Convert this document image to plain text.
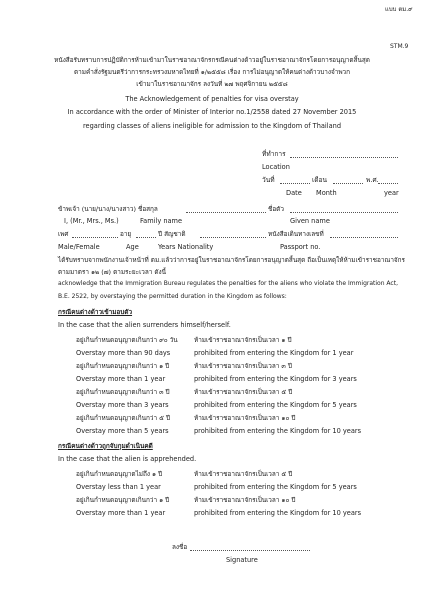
แบบ ตม.๙
STM.9
หนังสือรับทราบการปฏิบัติการห้ามเข้ามาในราชอาณาจักรกรณีคนต่างด้าวอยู่ในราชอาณาจักรโดยการอนุญาตสิ้นสุด
ตามคำสั่งรัฐมนตรีว่าการกระทรวงมหาดไทยที่ ๑/๒๕๕๘ เรื่อง การไม่อนุญาตให้คนต่างด้าวบางจำพวก
เข้ามาในราชอาณาจักร ลงวันที่ ๒๗ พฤศจิกายน ๒๕๕๘
The Acknowledgement of penalties for visa overstay
In accordance with the order of Minister of Interior no.1/2558 dated 27 November 2015
regarding classes of aliens ineligible for admission to the Kingdom of Thailand
ที่ทำการ
Location
วันที่	เดือน	พ.ศ.
Date Month	year
ข้าพเจ้า (นาย/นาง/นางสาว) ชื่อสกุล	ชื่อตัว
I, (Mr., Mrs., Ms.)	Family name	Given name
เพศ	อายุ	ปี สัญชาติ	หนังสือเดินทางเลขที่
Male/Female	Age	Years Nationality	Passport no.
ได้รับทราบจากพนักงานเจ้าหน้าที่ ตม.แล้วว่าการอยู่ในราชอาณาจักรโดยการอนุญาตสิ้นสุด ถือเป็นเหตุให้ห้ามเข้าราชอาณาจักร
ตามมาตรา ๑๒ (๗) ตามระยะเวลา ดังนี้
acknowledge that the Immigration Bureau regulates the penalties for the aliens who violate the Immigration Act,
B.E. 2522, by overstaying the permitted duration in the Kingdom as follows:
กรณีคนต่างด้าวเข้ามอบตัว
In the case that the alien surrenders himself/herself.
อยู่เกินกำหนดอนุญาตเกินกว่า ๙๐ วัน	ห้ามเข้าราชอาณาจักรเป็นเวลา ๑ ปี
Overstay more than 90 days	prohibited from entering the Kingdom for 1 year
อยู่เกินกำหนดอนุญาตเกินกว่า ๑ ปี	ห้ามเข้าราชอาณาจักรเป็นเวลา ๓ ปี
Overstay more than 1 year	prohibited from entering the Kingdom for 3 years
อยู่เกินกำหนดอนุญาตเกินกว่า ๓ ปี	ห้ามเข้าราชอาณาจักรเป็นเวลา ๕ ปี
Overstay more than 3 years	prohibited from entering the Kingdom for 5 years
อยู่เกินกำหนดอนุญาตเกินกว่า ๕ ปี	ห้ามเข้าราชอาณาจักรเป็นเวลา ๑๐ ปี
Overstay more than 5 years	prohibited from entering the Kingdom for 10 years
กรณีคนต่างด้าวถูกจับกุมดำเนินคดี
In the case that the alien is apprehended.
อยู่เกินกำหนดอนุญาตไม่ถึง ๑ ปี	ห้ามเข้าราชอาณาจักรเป็นเวลา ๕ ปี
Overstay less than 1 year	prohibited from entering the Kingdom for 5 years
อยู่เกินกำหนดอนุญาตเกินกว่า ๑ ปี	ห้ามเข้าราชอาณาจักรเป็นเวลา ๑๐ ปี
Overstay more than 1 year	prohibited from entering the Kingdom for 10 years
ลงชื่อ
Signature
